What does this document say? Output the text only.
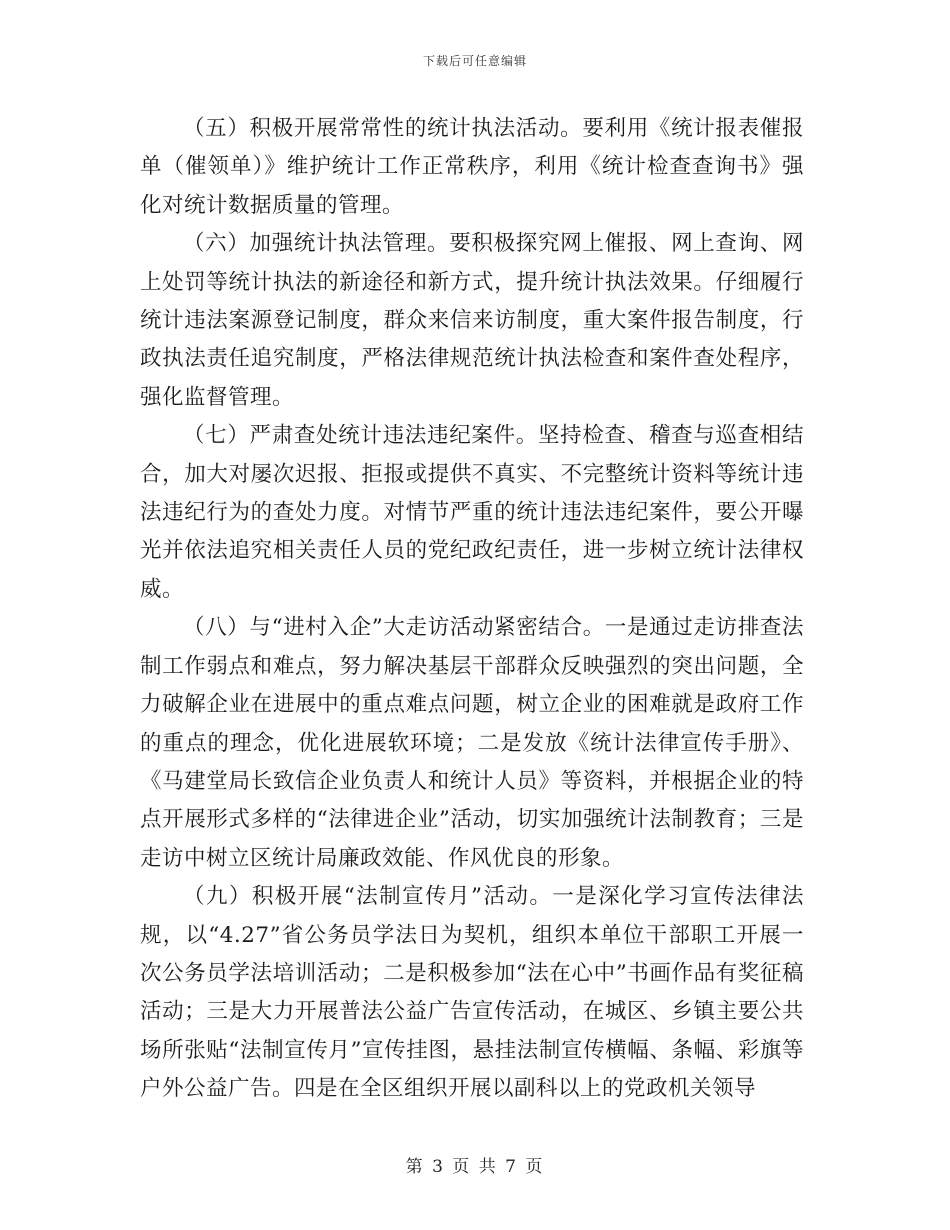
下载后可任意编辑

（五）积极开展常常性的统计执法活动。要利用《统计报表催报单（催领单）》维护统计工作正常秩序，利用《统计检查查询书》强化对统计数据质量的管理。

（六）加强统计执法管理。要积极探究网上催报、网上查询、网上处罚等统计执法的新途径和新方式，提升统计执法效果。仔细履行统计违法案源登记制度，群众来信来访制度，重大案件报告制度，行政执法责任追究制度，严格法律规范统计执法检查和案件查处程序，强化监督管理。

（七）严肃查处统计违法违纪案件。坚持检查、稽查与巡查相结合，加大对屡次迟报、拒报或提供不真实、不完整统计资料等统计违法违纪行为的查处力度。对情节严重的统计违法违纪案件，要公开曝光并依法追究相关责任人员的党纪政纪责任，进一步树立统计法律权威。

（八）与“进村入企”大走访活动紧密结合。一是通过走访排查法制工作弱点和难点，努力解决基层干部群众反映强烈的突出问题，全力破解企业在进展中的重点难点问题，树立企业的困难就是政府工作的重点的理念，优化进展软环境；二是发放《统计法律宣传手册》、《马建堂局长致信企业负责人和统计人员》等资料，并根据企业的特点开展形式多样的“法律进企业”活动，切实加强统计法制教育；三是走访中树立区统计局廉政效能、作风优良的形象。

（九）积极开展“法制宣传月”活动。一是深化学习宣传法律法规，以“4.27”省公务员学法日为契机，组织本单位干部职工开展一次公务员学法培训活动；二是积极参加“法在心中”书画作品有奖征稿活动；三是大力开展普法公益广告宣传活动，在城区、乡镇主要公共场所张贴“法制宣传月”宣传挂图，悬挂法制宣传横幅、条幅、彩旗等户外公益广告。四是在全区组织开展以副科以上的党政机关领导

第 3 页 共 7 页
